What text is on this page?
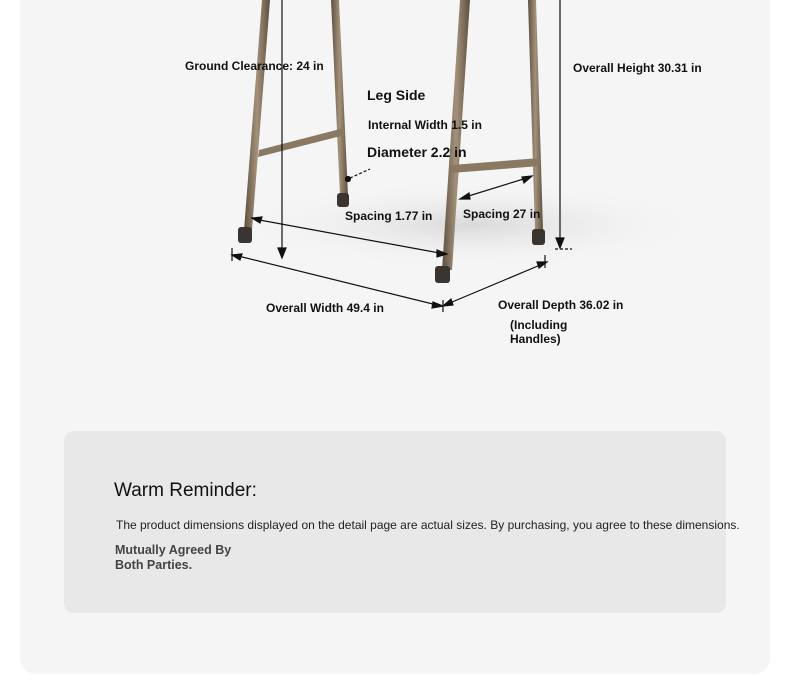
Ground Clearance: 24 in	Overall Height 30.31 in
Leg Side
Internal Width 1.5 in
Diameter 2.2 in
Spacing 1.77 in	Spacing 27 in
Overall Width 49.4 in	Overall Depth 36.02 in
(Including Handles)
Warm Reminder:
The product dimensions displayed on the detail page are actual sizes. By purchasing, you agree to these dimensions.
Mutually Agreed By Both Parties.
